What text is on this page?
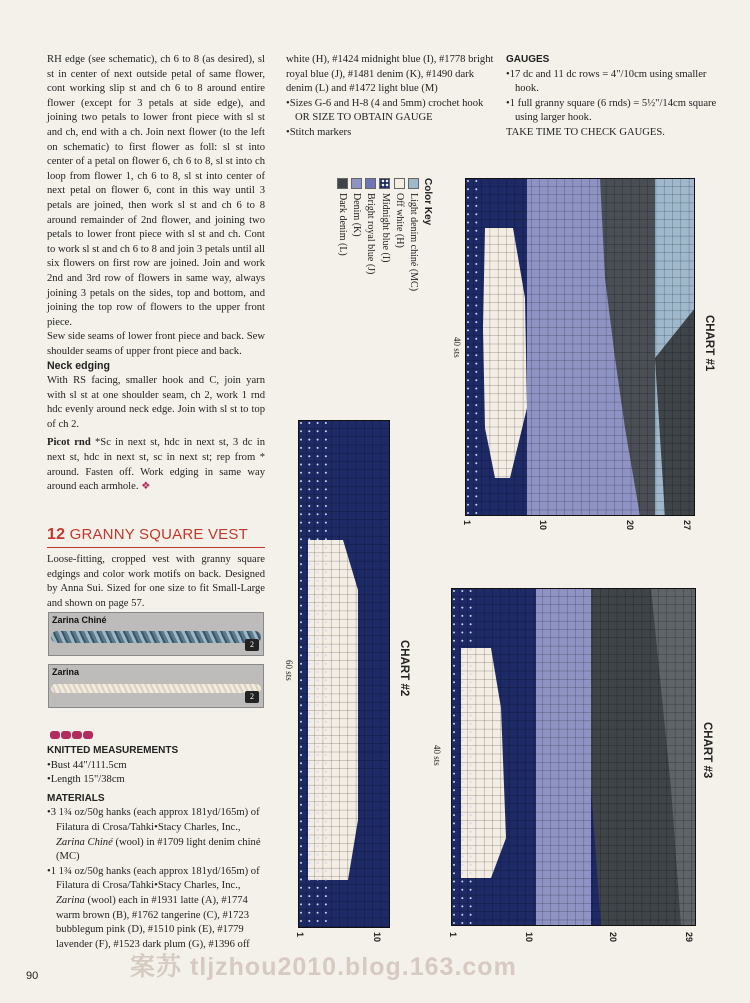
RH edge (see schematic), ch 6 to 8 (as desired), sl st in center of next outside petal of same flower, cont working slip st and ch 6 to 8 around entire flower (except for 3 petals at side edge), and joining two petals to lower front piece with sl st and ch, end with a ch. Join next flower (to the left on schematic) to first flower as foll: sl st into center of a petal on flower 6, ch 6 to 8, sl st into ch loop from flower 1, ch 6 to 8, sl st into center of next petal on flower 6, cont in this way until 3 petals are joined, then work sl st and ch 6 to 8 around remainder of 2nd flower, and joining two petals to lower front piece with sl st and ch. Cont to work sl st and ch 6 to 8 and join 3 petals until all six flowers on first row are joined. Join and work 2nd and 3rd row of flowers in same way, always joining 3 petals on the sides, top and bottom, and joining the top row of flowers to the upper front piece.

Sew side seams of lower front piece and back. Sew shoulder seams of upper front piece and back.

Neck edging

With RS facing, smaller hook and C, join yarn with sl st at one shoulder seam, ch 2, work 1 rnd hdc evenly around neck edge. Join with sl st to top of ch 2.

Picot rnd *Sc in next st, hdc in next st, 3 dc in next st, hdc in next st, sc in next st; rep from * around. Fasten off. Work edging in same way around each armhole. ❖

12 GRANNY SQUARE VEST

Loose-fitting, cropped vest with granny square edgings and color work motifs on back. Designed by Anna Sui. Sized for one size to fit Small-Large and shown on page 57.

Zarina Chiné
2
Zarina
2
KNITTED MEASUREMENTS
• Bust 44"/111.5cm
• Length 15"/38cm
MATERIALS
• 3 1¾ oz/50g hanks (each approx 181yd/165m) of Filatura di Crosa/Tahki•Stacy Charles, Inc., Zarina Chiné (wool) in #1709 light denim chiné (MC)
• 1 1¾ oz/50g hanks (each approx 181yd/165m) of Filatura di Crosa/Tahki•Stacy Charles, Inc., Zarina (wool) each in #1931 latte (A), #1774 warm brown (B), #1762 tangerine (C), #1723 bubblegum pink (D), #1510 pink (E), #1779 lavender (F), #1523 dark plum (G), #1396 off

white (H), #1424 midnight blue (I), #1778 bright royal blue (J), #1481 denim (K), #1490 dark denim (L) and #1472 light blue (M)

• Sizes G-6 and H-8 (4 and 5mm) crochet hook OR SIZE TO OBTAIN GAUGE
• Stitch markers
GAUGES
• 17 dc and 11 dc rows = 4"/10cm using smaller hook.
• 1 full granny square (6 rnds) = 5½"/14cm square using larger hook.
TAKE TIME TO CHECK GAUGES.
Color Key
Light denim chiné (MC)
Off white (H)
Midnight blue (I)
Bright royal blue (J)
Denim (K)
Dark denim (L)
CHART #1
40 sts
CHART #2
60 sts
CHART #3
40 sts
1	10	20	27
1	10	1	10	20	29
90	案苏 tljzhou2010.blog.163.com
